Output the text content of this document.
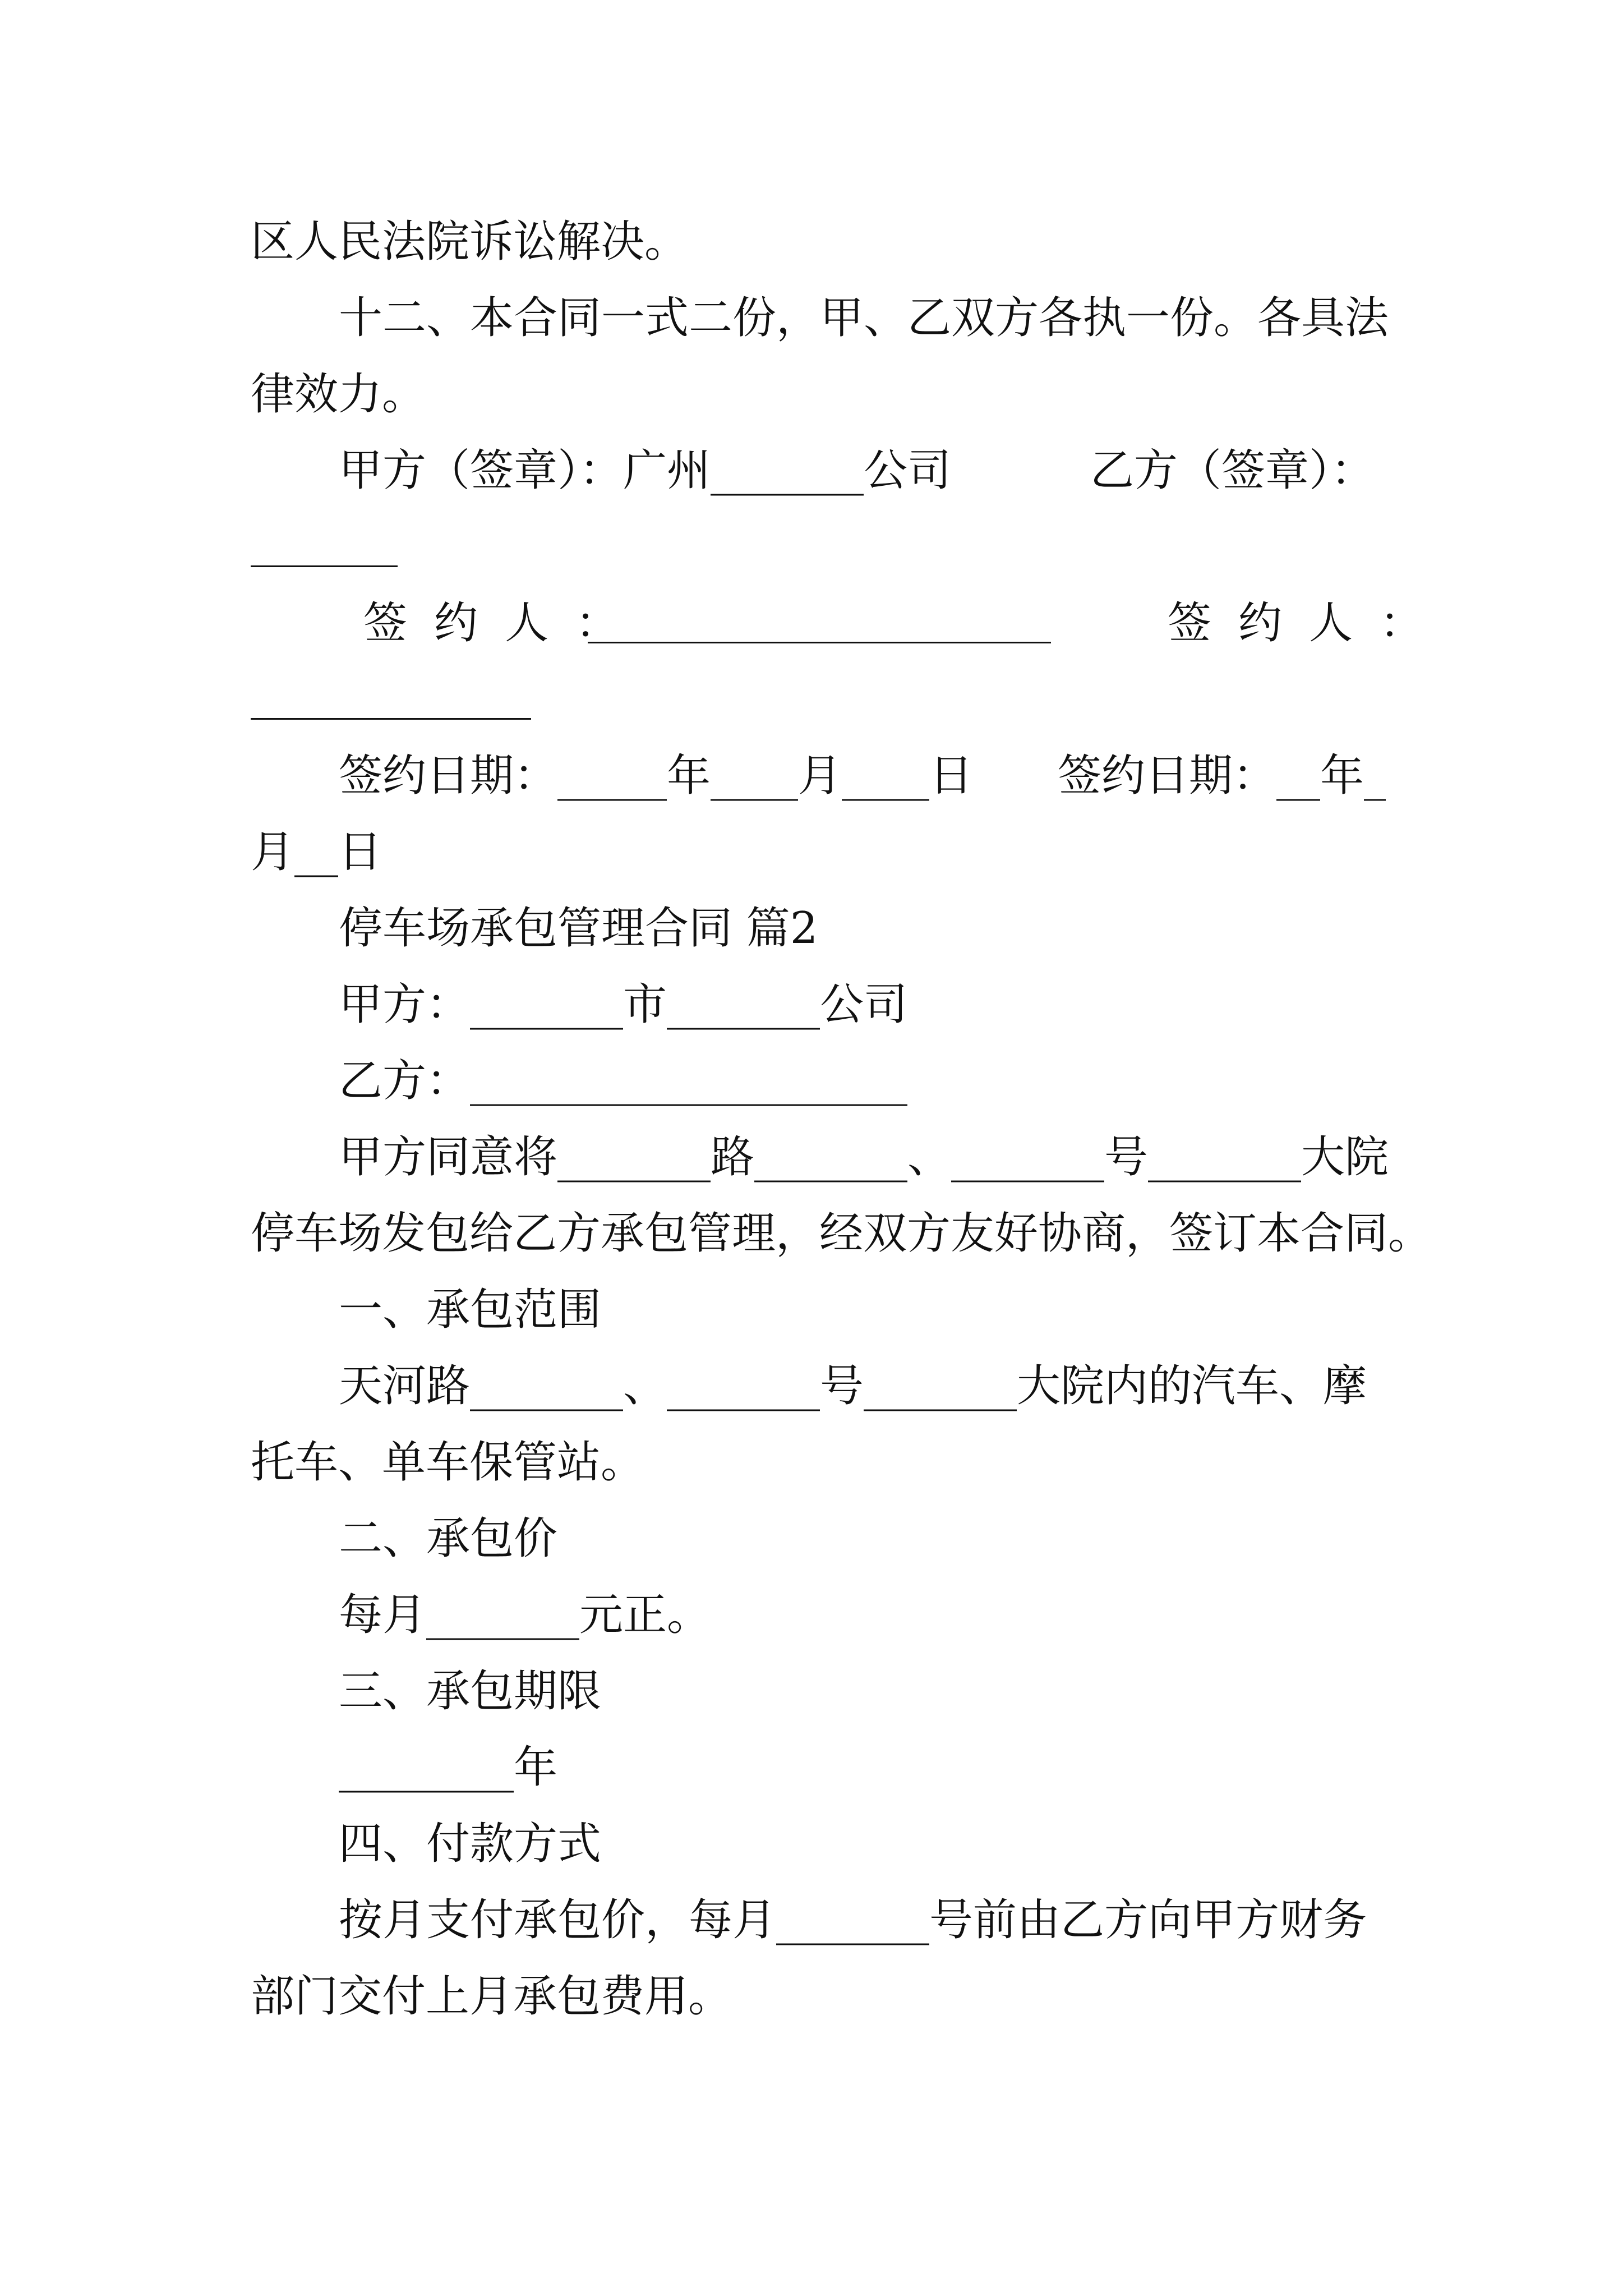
区人民法院诉讼解决。

十二、本合同一式二份，甲、乙双方各执一份。各具法

律效力。

甲方（签章）：广州_______公司

	乙方（签章）：

签约人：

	签约人：

签约日期：_____年____月____日

签约日期：__年_

月__日

停车场承包管理合同 篇2

甲方：_______市_______公司

乙方：____________________

甲方同意将_______路_______、_______号_______大院

停车场发包给乙方承包管理，经双方友好协商，签订本合同。

一、承包范围

天河路_______、_______号_______大院内的汽车、摩

托车、单车保管站。

二、承包价

每月_______元正。

三、承包期限

________年

四、付款方式

按月支付承包价，每月_______号前由乙方向甲方财务

部门交付上月承包费用。
